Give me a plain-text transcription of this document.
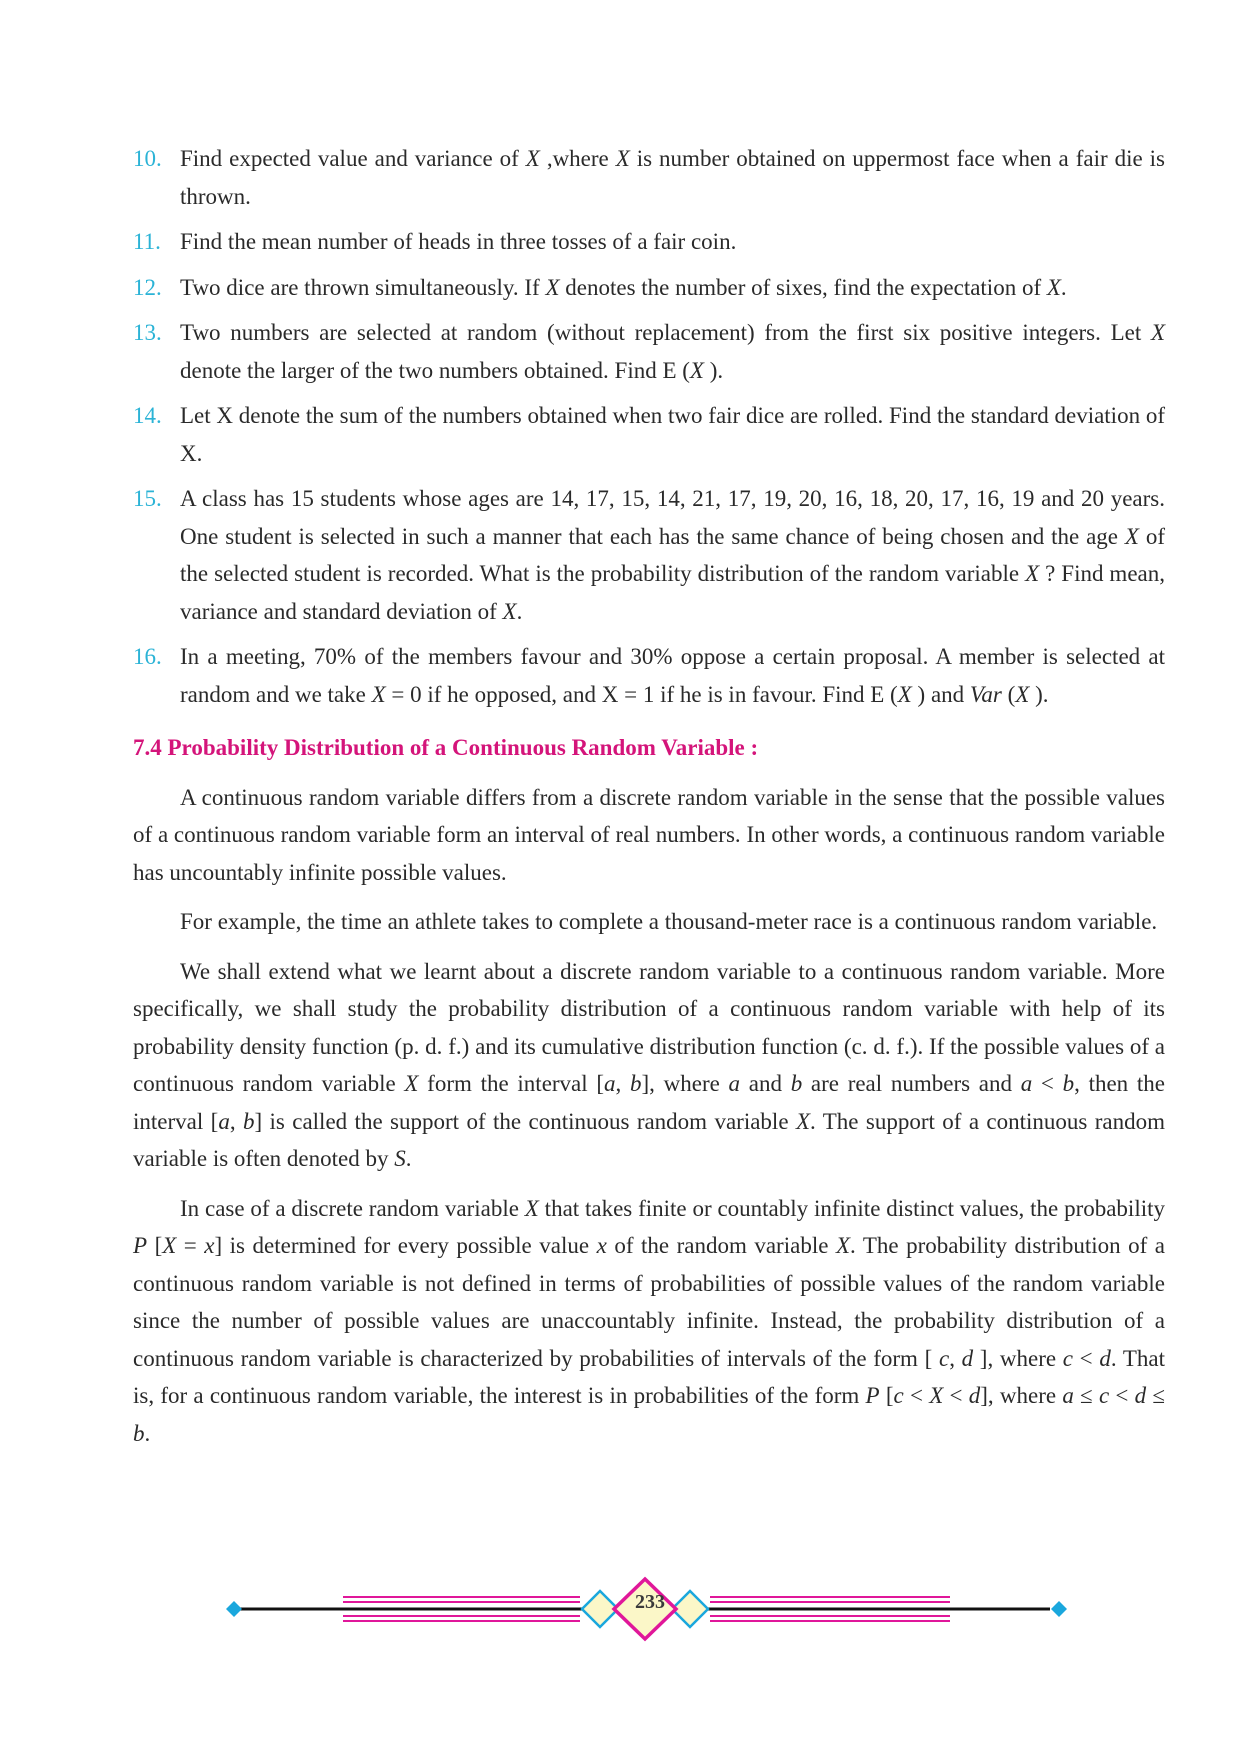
10. Find expected value and variance of X ,where X is number obtained on uppermost face when a fair die is thrown.
11. Find the mean number of heads in three tosses of a fair coin.
12. Two dice are thrown simultaneously. If X denotes the number of sixes, find the expectation of X.
13. Two numbers are selected at random (without replacement) from the first six positive integers. Let X denote the larger of the two numbers obtained. Find E (X ).
14. Let X denote the sum of the numbers obtained when two fair dice are rolled. Find the standard deviation of X.
15. A class has 15 students whose ages are 14, 17, 15, 14, 21, 17, 19, 20, 16, 18, 20, 17, 16, 19 and 20 years. One student is selected in such a manner that each has the same chance of being chosen and the age X of the selected student is recorded. What is the probability distribution of the random variable X ? Find mean, variance and standard deviation of X.
16. In a meeting, 70% of the members favour and 30% oppose a certain proposal. A member is selected at random and we take X = 0 if he opposed, and X = 1 if he is in favour. Find E (X ) and Var (X ).
7.4 Probability Distribution of a Continuous Random Variable :

A continuous random variable differs from a discrete random variable in the sense that the possible values of a continuous random variable form an interval of real numbers. In other words, a continuous random variable has uncountably infinite possible values.

For example, the time an athlete takes to complete a thousand-meter race is a continuous random variable.

We shall extend what we learnt about a discrete random variable to a continuous random variable. More specifically, we shall study the probability distribution of a continuous random variable with help of its probability density function (p. d. f.) and its cumulative distribution function (c. d. f.). If the possible values of a continuous random variable X form the interval [a, b], where a and b are real numbers and a < b, then the interval [a, b] is called the support of the continuous random variable X. The support of a continuous random variable is often denoted by S.

In case of a discrete random variable X that takes finite or countably infinite distinct values, the probability P [X = x] is determined for every possible value x of the random variable X. The probability distribution of a continuous random variable is not defined in terms of probabilities of possible values of the random variable since the number of possible values are unaccountably infinite. Instead, the probability distribution of a continuous random variable is characterized by probabilities of intervals of the form [ c, d ], where c < d. That is, for a continuous random variable, the interest is in probabilities of the form P [c < X < d], where a ≤ c < d ≤ b.

233
